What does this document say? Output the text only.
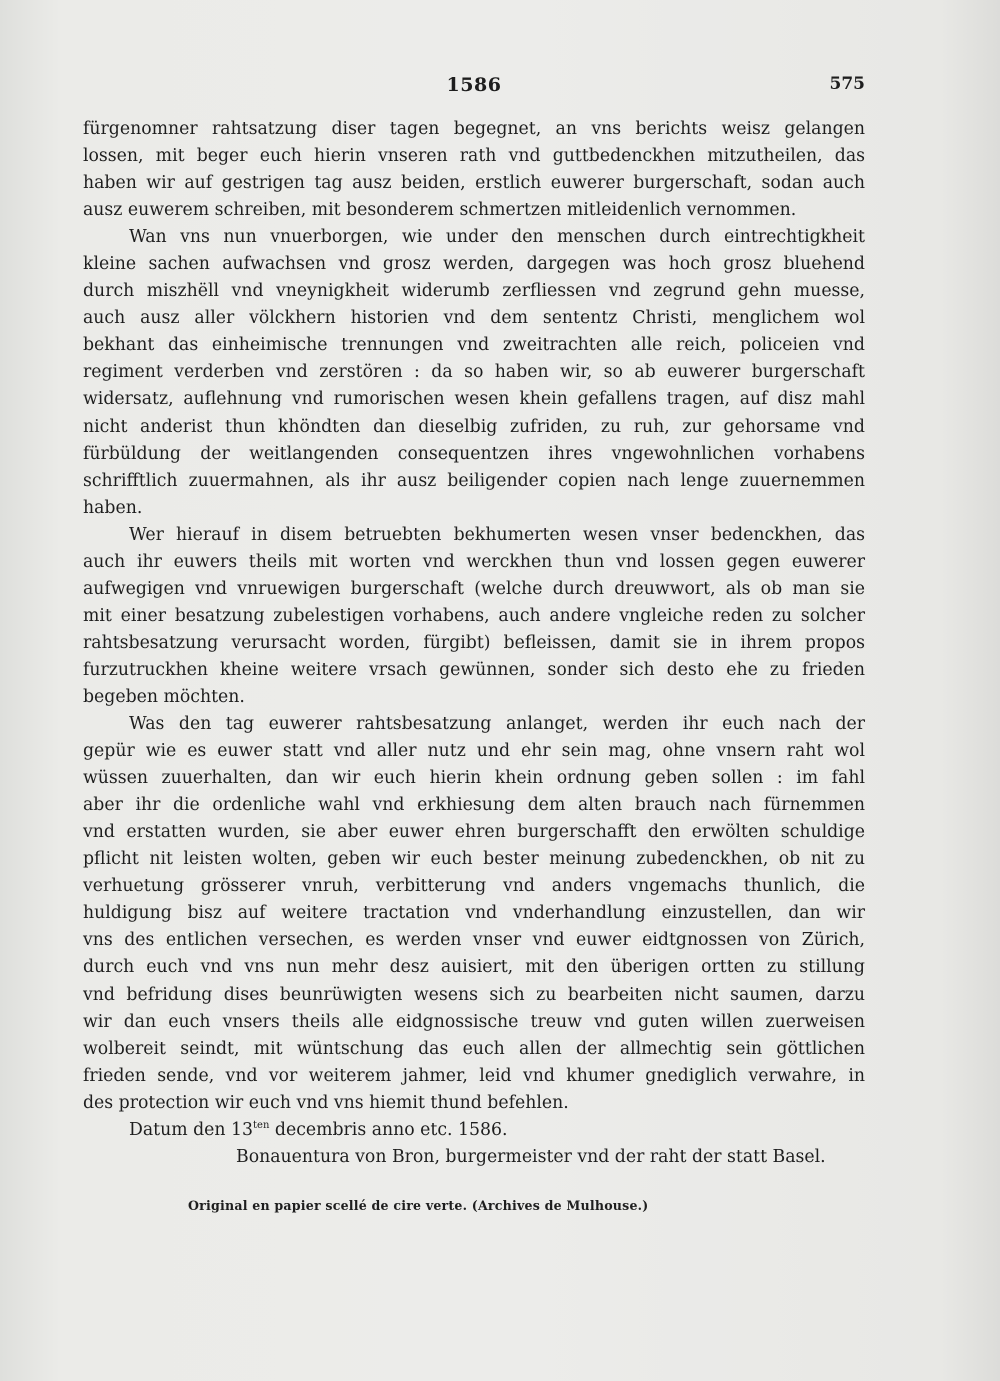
1586	575
fürgenomner rahtsatzung diser tagen begegnet, an vns berichts weisz gelangen
lossen, mit beger euch hierin vnseren rath vnd guttbedenckhen mitzutheilen, das
haben wir auf gestrigen tag ausz beiden, erstlich euwerer burgerschaft, sodan auch
ausz euwerem schreiben, mit besonderem schmertzen mitleidenlich vernommen.
Wan vns nun vnuerborgen, wie under den menschen durch eintrechtigkheit
kleine sachen aufwachsen vnd grosz werden, dargegen was hoch grosz bluehend
durch miszhëll vnd vneynigkheit widerumb zerfliessen vnd zegrund gehn muesse,
auch ausz aller völckhern historien vnd dem sententz Christi, menglichem wol
bekhant das einheimische trennungen vnd zweitrachten alle reich, policeien vnd
regiment verderben vnd zerstören : da so haben wir, so ab euwerer burgerschaft
widersatz, auflehnung vnd rumorischen wesen khein gefallens tragen, auf disz mahl
nicht anderist thun khöndten dan dieselbig zufriden, zu ruh, zur gehorsame vnd
fürbüldung der weitlangenden consequentzen ihres vngewohnlichen vorhabens
schrifftlich zuuermahnen, als ihr ausz beiligender copien nach lenge zuuernemmen
haben.
Wer hierauf in disem betruebten bekhumerten wesen vnser bedenckhen, das
auch ihr euwers theils mit worten vnd werckhen thun vnd lossen gegen euwerer
aufwegigen vnd vnruewigen burgerschaft (welche durch dreuwwort, als ob man sie
mit einer besatzung zubelestigen vorhabens, auch andere vngleiche reden zu solcher
rahtsbesatzung verursacht worden, fürgibt) befleissen, damit sie in ihrem propos
furzutruckhen kheine weitere vrsach gewünnen, sonder sich desto ehe zu frieden
begeben möchten.
Was den tag euwerer rahtsbesatzung anlanget, werden ihr euch nach der
gepür wie es euwer statt vnd aller nutz und ehr sein mag, ohne vnsern raht wol
wüssen zuuerhalten, dan wir euch hierin khein ordnung geben sollen : im fahl
aber ihr die ordenliche wahl vnd erkhiesung dem alten brauch nach fürnemmen
vnd erstatten wurden, sie aber euwer ehren burgerschafft den erwölten schuldige
pflicht nit leisten wolten, geben wir euch bester meinung zubedenckhen, ob nit zu
verhuetung grösserer vnruh, verbitterung vnd anders vngemachs thunlich, die
huldigung bisz auf weitere tractation vnd vnderhandlung einzustellen, dan wir
vns des entlichen versechen, es werden vnser vnd euwer eidtgnossen von Zürich,
durch euch vnd vns nun mehr desz auisiert, mit den überigen ortten zu stillung
vnd befridung dises beunrüwigten wesens sich zu bearbeiten nicht saumen, darzu
wir dan euch vnsers theils alle eidgnossische treuw vnd guten willen zuerweisen
wolbereit seindt, mit wüntschung das euch allen der allmechtig sein göttlichen
frieden sende, vnd vor weiterem jahmer, leid vnd khumer gnediglich verwahre, in
des protection wir euch vnd vns hiemit thund befehlen.
Datum den $13^{ten}$ decembris anno etc. 1586.
Bonauentura von Bron, burgermeister vnd der raht der statt Basel.
Original en papier scellé de cire verte. (Archives de Mulhouse.)
